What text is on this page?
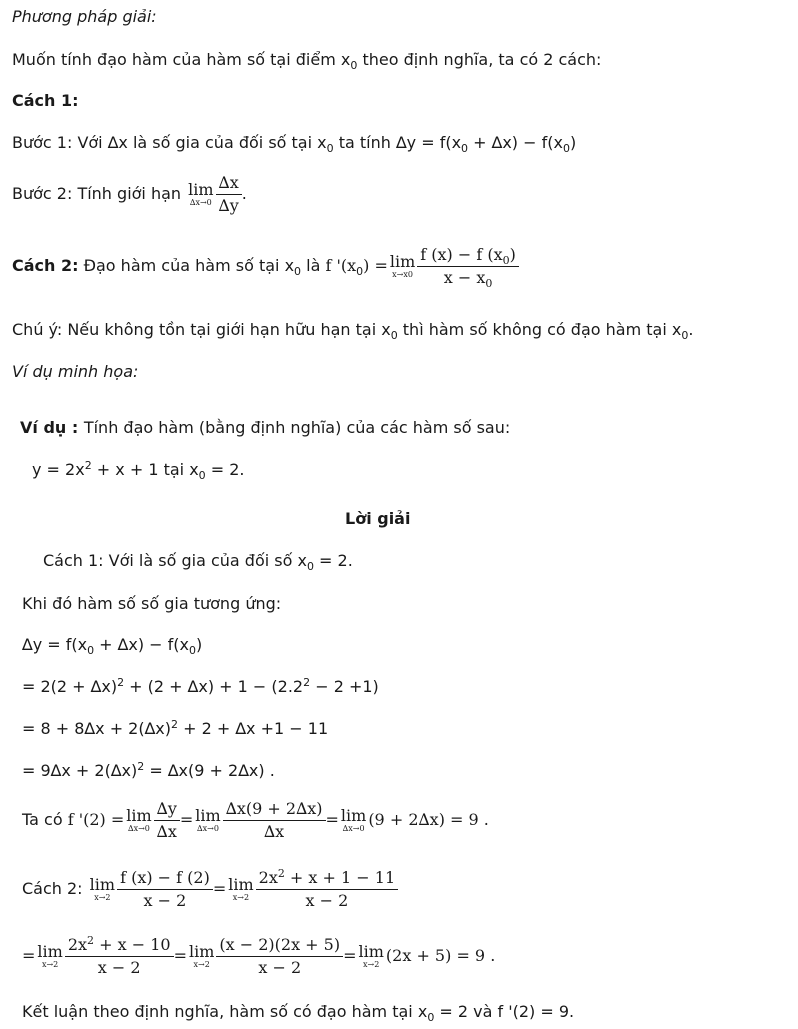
Phương pháp giải:
Muốn tính đạo hàm của hàm số tại điểm $x_0$ theo định nghĩa, ta có 2 cách:
Cách 1:
Bước 1: Với ∆x là số gia của đối số tại $x_0$ ta tính $\Delta y = f(x_0 + \Delta x) - f(x_0)$
Bước 2: Tính giới hạn lim
$\Delta x\to 0 \frac{\Delta x}{\Delta y}$ .
Cách 2: Đạo hàm của hàm số tại $x_0$ là f '$(x_0) = \lim$
$x\to x0 \frac{f (x) - f (x_0)}{x - x_0}$
Chú ý: Nếu không tồn tại giới hạn hữu hạn tại $x_0$ thì hàm số không có đạo hàm tại $x_0$.
Ví dụ minh họa:
Ví dụ : Tính đạo hàm (bằng định nghĩa) của các hàm số sau:
$y = 2x^2 + x + 1$ tại $x_0 = 2$.
Lời giải
Cách 1: Với là số gia của đối số $x_0 = 2$.
Khi đó hàm số số gia tương ứng:
$\Delta y = f(x_0 + \Delta x) - f(x_0)$
= $2(2 + \Delta x)^2 + (2 + \Delta x) + 1 - (2.2^2 - 2 +1)$
= $8 + 8\Delta x + 2(\Delta x)^2 + 2 + \Delta x +1 - 11$
= $9\Delta x + 2(\Delta x)^2 = \Delta x(9 + 2\Delta x)$ .
Ta có f '(2) = lim
$\Delta x\to 0 \frac{\Delta y}{\Delta x} = \lim$
$\Delta x\to 0 \frac{\Delta x(9 + 2\Delta x)}{\Delta x} = \lim$
∆x→0 (9 + 2∆x) = 9 .
Cách 2: lim
$x\to 2 \frac{f (x) - f (2)}{x - 2} = \lim$
$x\to 2 \frac{2x^2 + x + 1 - 11}{x - 2}$
= lim
$x\to 2 \frac{2x^2 + x - 10}{x - 2} = \lim$
$x\to 2 \frac{(x - 2)(2x + 5)}{x - 2} = \lim$
x→2 (2x + 5) = 9 .
Kết luận theo định nghĩa, hàm số có đạo hàm tại $x_0 = 2$ và f '(2) = 9.
